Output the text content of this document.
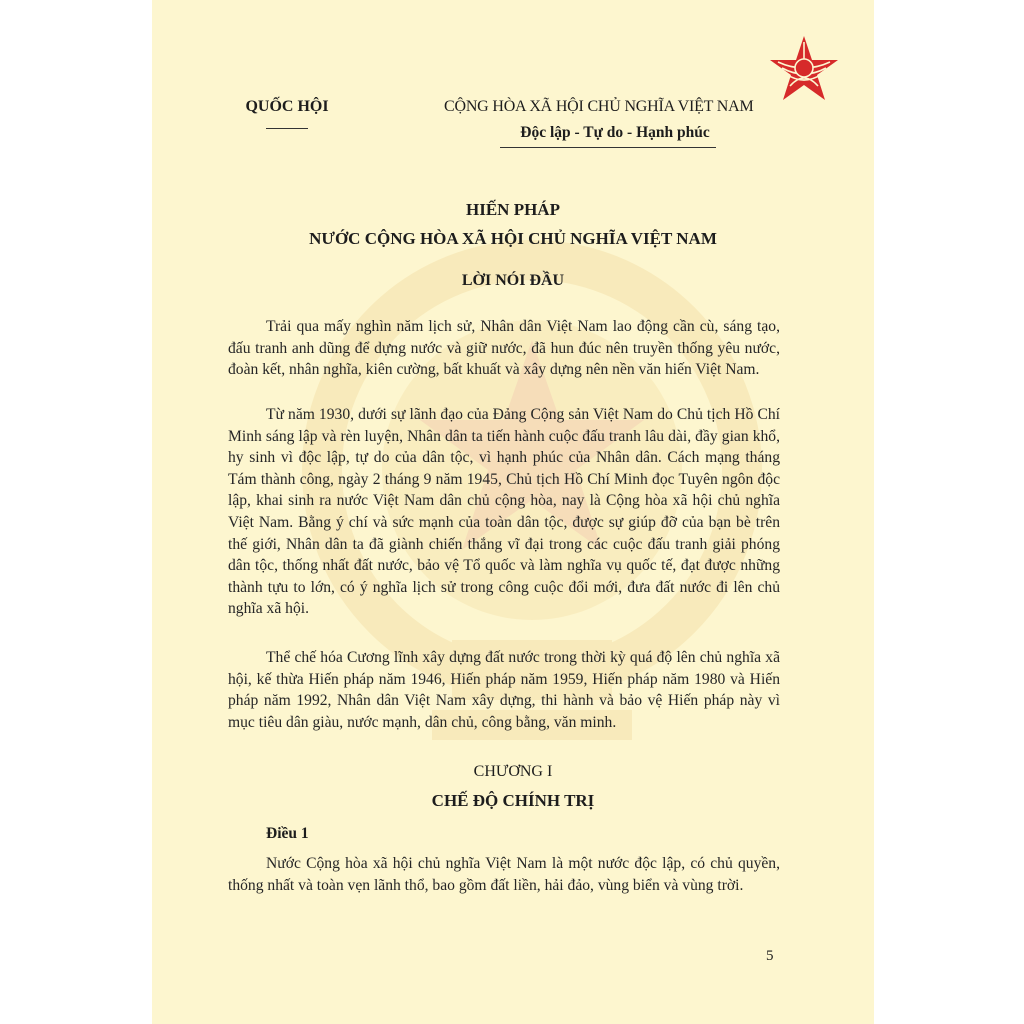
QUỐC HỘI	CỘNG HÒA XÃ HỘI CHỦ NGHĨA VIỆT NAM
Độc lập - Tự do - Hạnh phúc
HIẾN PHÁP
NƯỚC CỘNG HÒA XÃ HỘI CHỦ NGHĨA VIỆT NAM
LỜI NÓI ĐẦU

Trải qua mấy nghìn năm lịch sử, Nhân dân Việt Nam lao động cần cù, sáng tạo, đấu tranh anh dũng để dựng nước và giữ nước, đã hun đúc nên truyền thống yêu nước, đoàn kết, nhân nghĩa, kiên cường, bất khuất và xây dựng nên nền văn hiến Việt Nam.

Từ năm 1930, dưới sự lãnh đạo của Đảng Cộng sản Việt Nam do Chủ tịch Hồ Chí Minh sáng lập và rèn luyện, Nhân dân ta tiến hành cuộc đấu tranh lâu dài, đầy gian khổ, hy sinh vì độc lập, tự do của dân tộc, vì hạnh phúc của Nhân dân. Cách mạng tháng Tám thành công, ngày 2 tháng 9 năm 1945, Chủ tịch Hồ Chí Minh đọc Tuyên ngôn độc lập, khai sinh ra nước Việt Nam dân chủ cộng hòa, nay là Cộng hòa xã hội chủ nghĩa Việt Nam. Bằng ý chí và sức mạnh của toàn dân tộc, được sự giúp đỡ của bạn bè trên thế giới, Nhân dân ta đã giành chiến thắng vĩ đại trong các cuộc đấu tranh giải phóng dân tộc, thống nhất đất nước, bảo vệ Tổ quốc và làm nghĩa vụ quốc tế, đạt được những thành tựu to lớn, có ý nghĩa lịch sử trong công cuộc đổi mới, đưa đất nước đi lên chủ nghĩa xã hội.

Thể chế hóa Cương lĩnh xây dựng đất nước trong thời kỳ quá độ lên chủ nghĩa xã hội, kế thừa Hiến pháp năm 1946, Hiến pháp năm 1959, Hiến pháp năm 1980 và Hiến pháp năm 1992, Nhân dân Việt Nam xây dựng, thi hành và bảo vệ Hiến pháp này vì mục tiêu dân giàu, nước mạnh, dân chủ, công bằng, văn minh.

CHƯƠNG I
CHẾ ĐỘ CHÍNH TRỊ
Điều 1

Nước Cộng hòa xã hội chủ nghĩa Việt Nam là một nước độc lập, có chủ quyền, thống nhất và toàn vẹn lãnh thổ, bao gồm đất liền, hải đảo, vùng biển và vùng trời.

5
